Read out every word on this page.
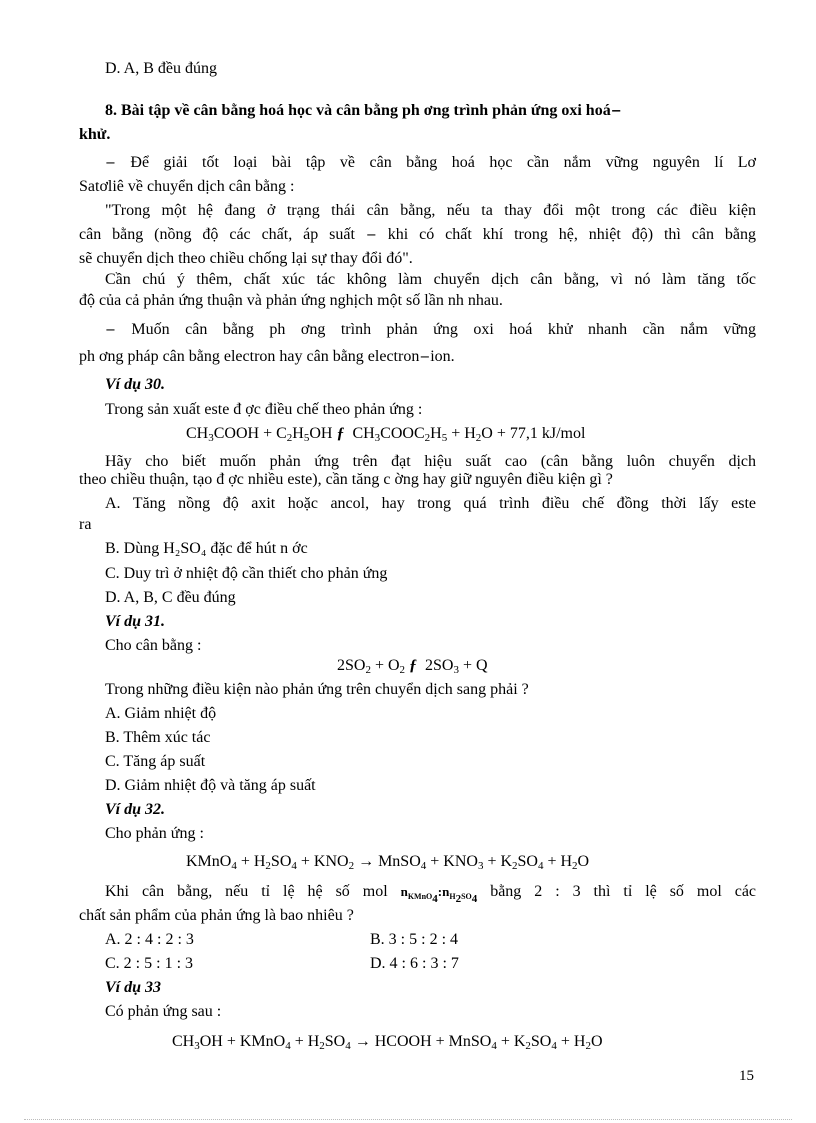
D. A, B đều đúng
8. Bài tập về cân bằng hoá học và cân bằng ph ơng trình phản ứng oxi hoá−
khử.
− Để giải tốt loại bài tập về cân bằng hoá học cần nắm vững nguyên lí Lơ
Satơliê về chuyển dịch cân bằng :
"Trong một hệ đang ở trạng thái cân bằng, nếu ta thay đổi một trong các điều kiện
cân bằng (nồng độ các chất, áp suất − khi có chất khí trong hệ, nhiệt độ) thì cân bằng
sẽ chuyển dịch theo chiều chống lại sự thay đổi đó".
Cần chú ý thêm, chất xúc tác không làm chuyển dịch cân bằng, vì nó làm tăng tốc
độ của cả phản ứng thuận và phản ứng nghịch một số lần nh nhau.
− Muốn cân bằng ph ơng trình phản ứng oxi hoá khử nhanh cần nắm vững
ph ơng pháp cân bằng electron hay cân bằng electron−ion.
Ví dụ 30.
Trong sản xuất este đ ợc điều chế theo phản ứng :
$CH_3COOH + C_2H_5OH$ ƒ  $CH_3COOC_2H_5 + H_2O + 77,1$ kJ/mol
Hãy cho biết muốn phản ứng trên đạt hiệu suất cao (cân bằng luôn chuyển dịch
theo chiều thuận, tạo đ ợc nhiều este), cần tăng c ờng hay giữ nguyên điều kiện gì ?
A. Tăng nồng độ axit hoặc ancol, hay trong quá trình điều chế đồng thời lấy este
ra
B. Dùng H₂SO₄ đặc để hút n ớc
C. Duy trì ở nhiệt độ cần thiết cho phản ứng
D. A, B, C đều đúng
Ví dụ 31.
Cho cân bằng :
$2SO_2 + O_2$ ƒ  $2SO_3 + Q$
Trong những điều kiện nào phản ứng trên chuyển dịch sang phải ?
A. Giảm nhiệt độ
B. Thêm xúc tác
C. Tăng áp suất
D. Giảm nhiệt độ và tăng áp suất
Ví dụ 32.
Cho phản ứng :
KMnO$_4$ + $H_2SO_4 + KNO_2$ → MnSO$_4$ + $KNO_3 + K_2SO_4 + H_2O$
Khi cân bằng, nếu tỉ lệ hệ số mol $n_{KMnO_4}:n_{H_2SO_4}$ bằng 2 : 3 thì tỉ lệ số mol các
chất sản phẩm của phản ứng là bao nhiêu ?
A. 2 : 4 : 2 : 3	B. 3 : 5 : 2 : 4
C. 2 : 5 : 1 : 3	D. 4 : 6 : 3 : 7
Ví dụ 33
Có phản ứng sau :
$CH_3OH$ + KMnO$_4$ + $H_2SO_4$ → HCOOH + MnSO$_4$ + $K_2SO_4 + H_2O$
15
